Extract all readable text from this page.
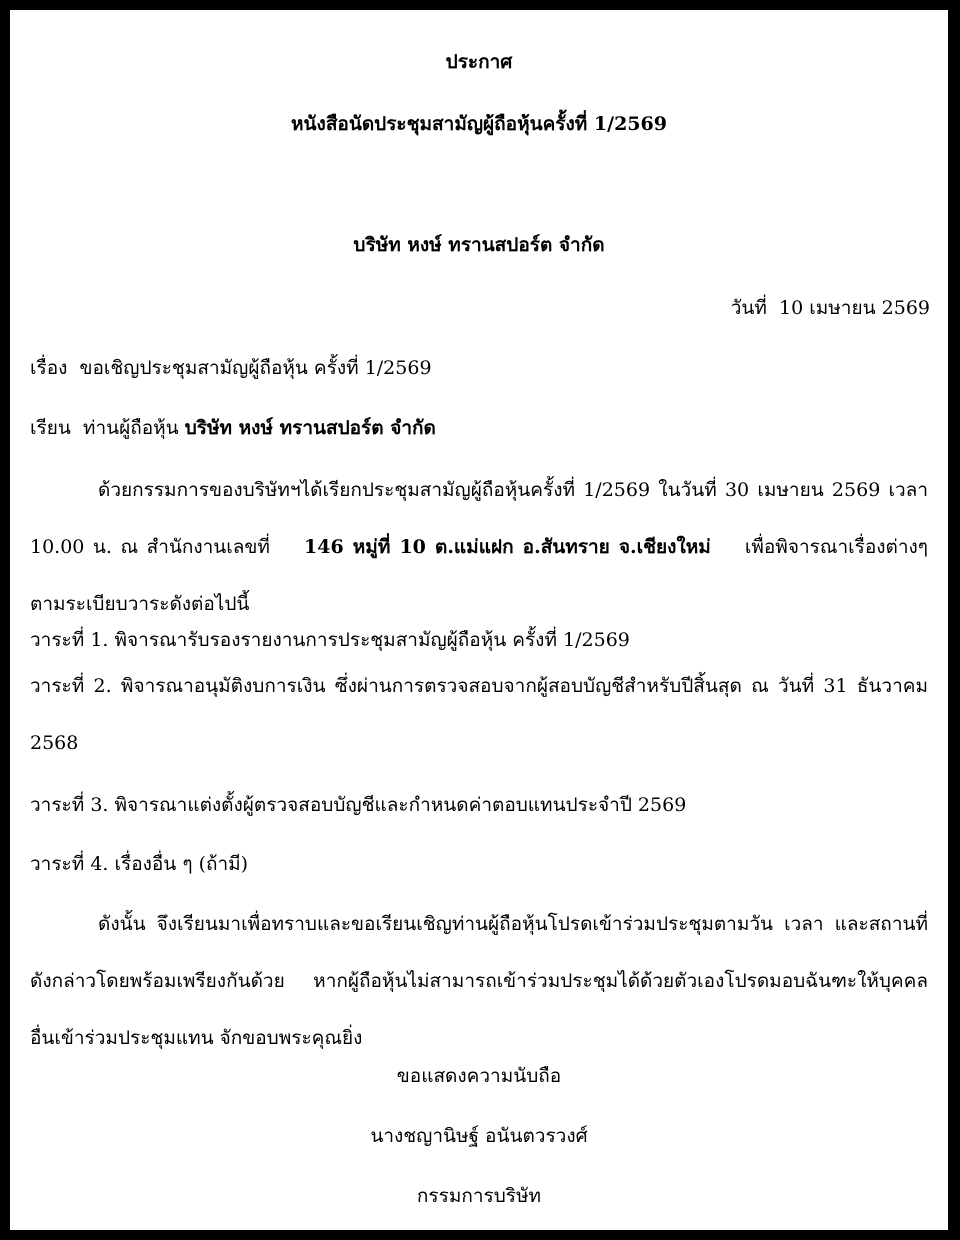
ประกาศ
หนังสือนัดประชุมสามัญผู้ถือหุ้นครั้งที่ 1/2569
บริษัท หงษ์ ทรานสปอร์ต จำกัด
วันที่ 10 เมษายน 2569
เรื่อง ขอเชิญประชุมสามัญผู้ถือหุ้น ครั้งที่ 1/2569
เรียน ท่านผู้ถือหุ้น บริษัท หงษ์ ทรานสปอร์ต จำกัด
ด้วยกรรมการของบริษัทฯได้เรียกประชุมสามัญผู้ถือหุ้นครั้งที่ 1/2569 ในวันที่ 30 เมษายน 2569 เวลา 10.00 น. ณ สำนักงานเลขที่ 146 หมู่ที่ 10 ต.แม่แฝก อ.สันทราย จ.เชียงใหม่ เพื่อพิจารณาเรื่องต่างๆ ตามระเบียบวาระดังต่อไปนี้
วาระที่ 1. พิจารณารับรองรายงานการประชุมสามัญผู้ถือหุ้น ครั้งที่ 1/2569
วาระที่ 2. พิจารณาอนุมัติงบการเงิน ซึ่งผ่านการตรวจสอบจากผู้สอบบัญชีสำหรับปีสิ้นสุด ณ วันที่ 31 ธันวาคม 2568
วาระที่ 3. พิจารณาแต่งตั้งผู้ตรวจสอบบัญชีและกำหนดค่าตอบแทนประจำปี 2569
วาระที่ 4. เรื่องอื่น ๆ (ถ้ามี)
ดังนั้น จึงเรียนมาเพื่อทราบและขอเรียนเชิญท่านผู้ถือหุ้นโปรดเข้าร่วมประชุมตามวัน เวลา และสถานที่ดังกล่าวโดยพร้อมเพรียงกันด้วย หากผู้ถือหุ้นไม่สามารถเข้าร่วมประชุมได้ด้วยตัวเองโปรดมอบฉันฑะให้บุคคลอื่นเข้าร่วมประชุมแทน จักขอบพระคุณยิ่ง
ขอแสดงความนับถือ
นางชญานิษฐ์ อนันตวรวงศ์
กรรมการบริษัท
